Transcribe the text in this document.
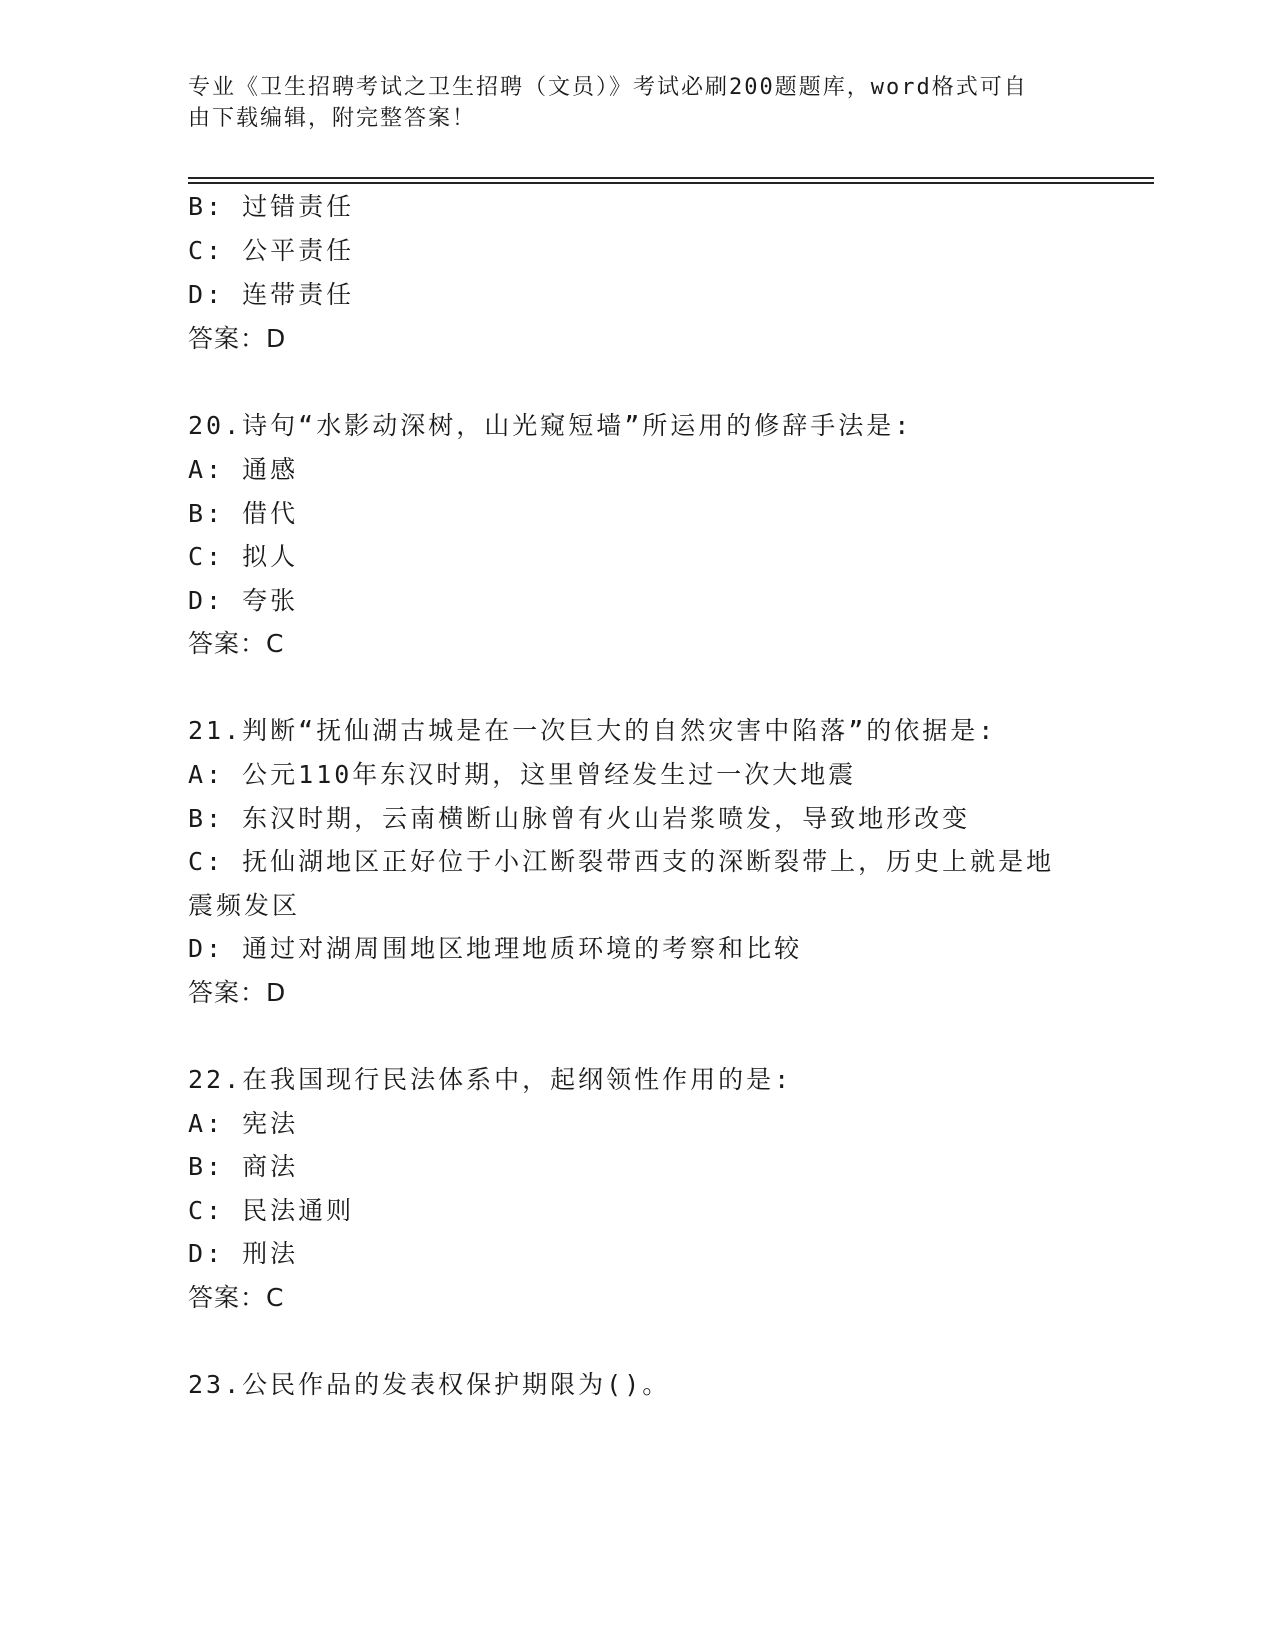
专业《卫生招聘考试之卫生招聘（文员）》考试必刷200题题库，word格式可自
由下载编辑，附完整答案！
B: 过错责任
C: 公平责任
D: 连带责任
答案：D
20.诗句“水影动深树，山光窥短墙”所运用的修辞手法是:
A: 通感
B: 借代
C: 拟人
D: 夸张
答案：C
21.判断“抚仙湖古城是在一次巨大的自然灾害中陷落”的依据是:
A: 公元110年东汉时期，这里曾经发生过一次大地震
B: 东汉时期，云南横断山脉曾有火山岩浆喷发，导致地形改变
C: 抚仙湖地区正好位于小江断裂带西支的深断裂带上，历史上就是地
震频发区
D: 通过对湖周围地区地理地质环境的考察和比较
答案：D
22.在我国现行民法体系中，起纲领性作用的是:
A: 宪法
B: 商法
C: 民法通则
D: 刑法
答案：C
23.公民作品的发表权保护期限为()。
